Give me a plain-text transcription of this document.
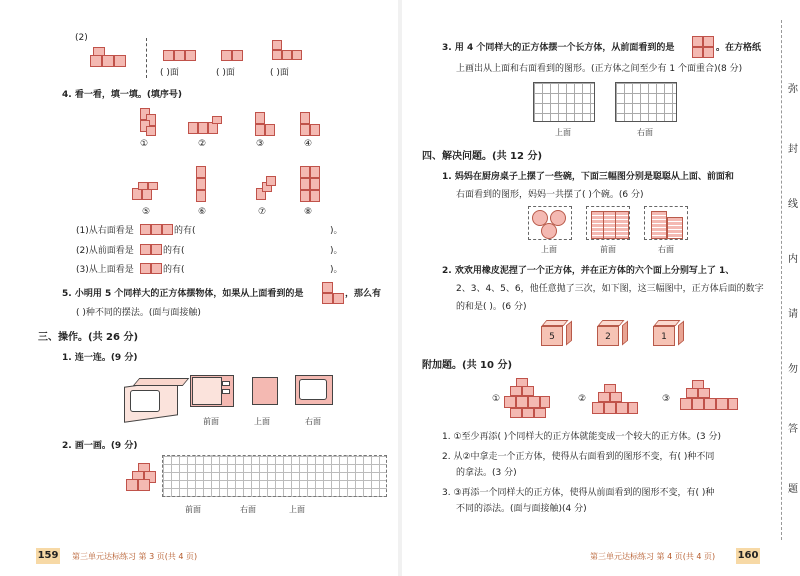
(2)
( )面	( )面	( )面
4. 看一看，填一填。(填序号)
①	②	③	④
⑤	⑥	⑦	⑧
(1)从右面看是	的有(	)。
(2)从前面看是	的有(	)。
(3)从上面看是	的有(	)。
5. 小明用 5 个同样大的正方体摆物体，如果从上面看到的是	，那么有
( )种不同的摆法。(面与面接触)
三、操作。(共 26 分)
1. 连一连。(9 分)
前面	上面	右面
2. 画一画。(9 分)
前面	右面	上面
159 第三单元达标练习 第 3 页(共 4 页)
3. 用 4 个同样大的正方体摆一个长方体，从前面看到的是	。在方格纸
上画出从上面和右面看到的图形。(正方体之间至少有 1 个面重合)(8 分)
上面	右面
四、解决问题。(共 12 分)
1. 妈妈在厨房桌子上摆了一些碗，下面三幅图分别是聪聪从上面、前面和
右面看到的图形，妈妈一共摆了( )个碗。(6 分)
上面	前面	右面
2. 欢欢用橡皮泥捏了一个正方体，并在正方体的六个面上分别写上了 1、
2、3、4、5、6，他任意抛了三次，如下图，这三幅图中，正方体后面的数字
的和是( )。(6 分)
5	2	1
附加题。(共 10 分)
①	②	③
1. ①至少再添( )个同样大的正方体就能变成一个较大的正方体。(3 分)
2. 从②中拿走一个正方体，使得从右面看到的图形不变，有( )种不同
的拿法。(3 分)
3. ③再添一个同样大的正方体，使得从前面看到的图形不变，有( )种
不同的添法。(面与面接触)(4 分)
第三单元达标练习 第 4 页(共 4 页) 160
弥
封
线
内
请
勿
答
题
